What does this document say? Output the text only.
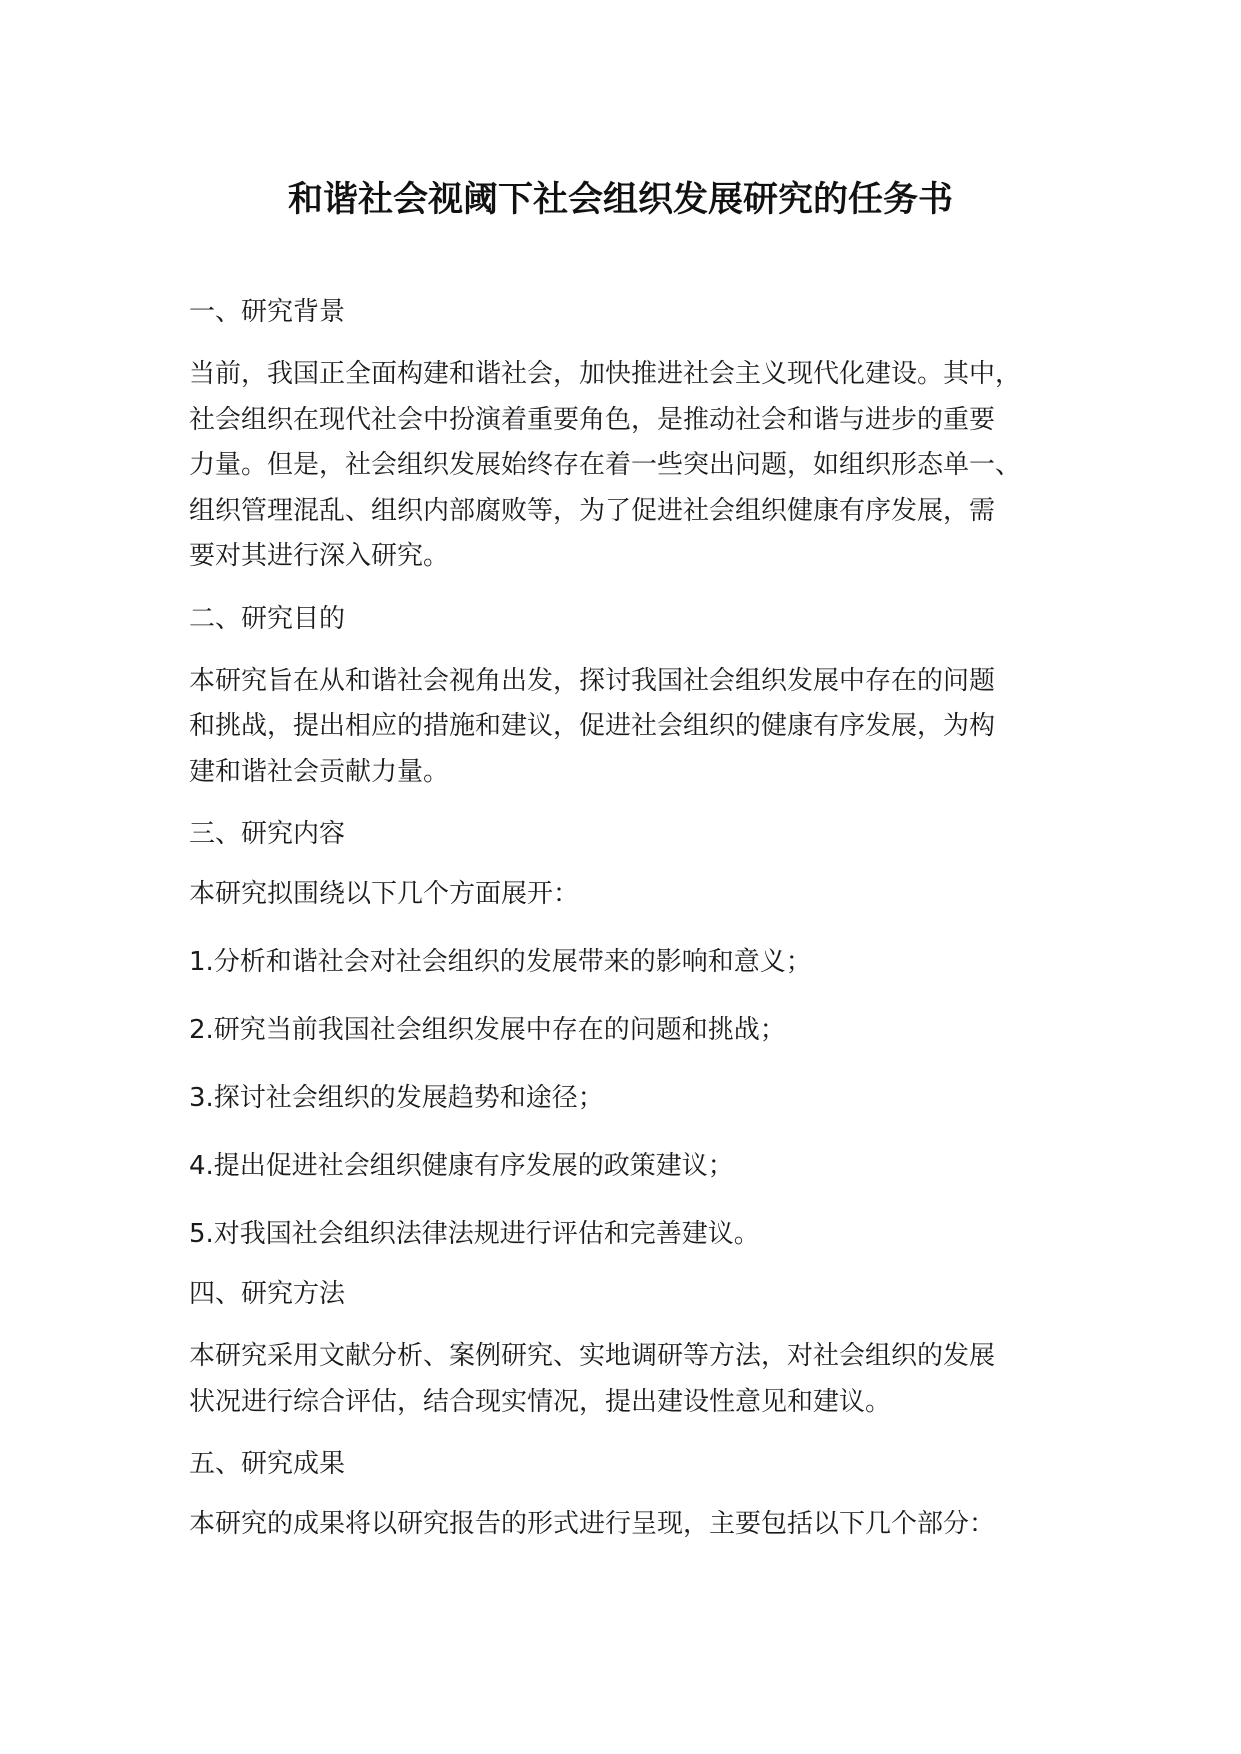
和谐社会视阈下社会组织发展研究的任务书
一、研究背景

当前，我国正全面构建和谐社会，加快推进社会主义现代化建设。其中，
社会组织在现代社会中扮演着重要角色，是推动社会和谐与进步的重要
力量。但是，社会组织发展始终存在着一些突出问题，如组织形态单一、
组织管理混乱、组织内部腐败等，为了促进社会组织健康有序发展，需
要对其进行深入研究。

二、研究目的

本研究旨在从和谐社会视角出发，探讨我国社会组织发展中存在的问题
和挑战，提出相应的措施和建议，促进社会组织的健康有序发展，为构
建和谐社会贡献力量。

三、研究内容
本研究拟围绕以下几个方面展开：
1.分析和谐社会对社会组织的发展带来的影响和意义；
2.研究当前我国社会组织发展中存在的问题和挑战；
3.探讨社会组织的发展趋势和途径；
4.提出促进社会组织健康有序发展的政策建议；
5.对我国社会组织法律法规进行评估和完善建议。
四、研究方法

本研究采用文献分析、案例研究、实地调研等方法，对社会组织的发展
状况进行综合评估，结合现实情况，提出建设性意见和建议。

五、研究成果
本研究的成果将以研究报告的形式进行呈现，主要包括以下几个部分：
